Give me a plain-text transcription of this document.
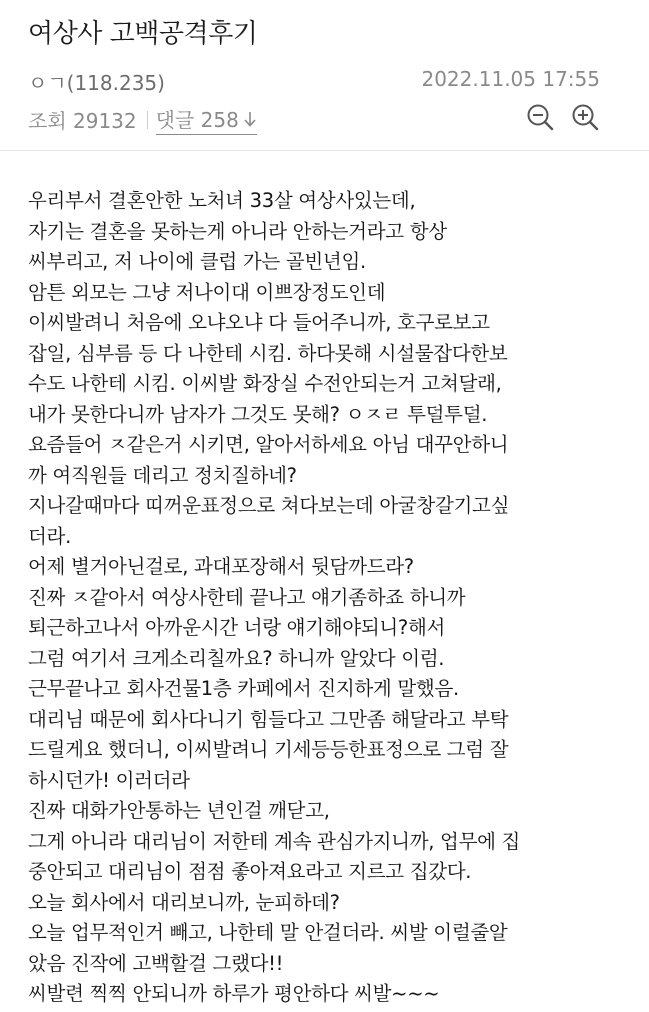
여상사 고백공격후기
ㅇㄱ(118.235)	2022.11.05 17:55
조회 29132 댓글 258
우리부서 결혼안한 노처녀 33살 여상사있는데,
자기는 결혼을 못하는게 아니라 안하는거라고 항상
씨부리고, 저 나이에 클럽 가는 골빈년임.
암튼 외모는 그냥 저나이대 이쁘장정도인데
이씨발려니 처음에 오냐오냐 다 들어주니까, 호구로보고
잡일, 심부름 등 다 나한테 시킴. 하다못해 시설물잡다한보
수도 나한테 시킴. 이씨발 화장실 수전안되는거 고쳐달래,
내가 못한다니까 남자가 그것도 못해? ㅇㅈㄹ 투덜투덜.
요즘들어 ㅈ같은거 시키면, 알아서하세요 아님 대꾸안하니
까 여직원들 데리고 정치질하네?
지나갈때마다 띠꺼운표정으로 쳐다보는데 아굴창갈기고싶
더라.
어제 별거아닌걸로, 과대포장해서 뒷담까드라?
진짜 ㅈ같아서 여상사한테 끝나고 얘기좀하죠 하니까
퇴근하고나서 아까운시간 너랑 얘기해야되니?해서
그럼 여기서 크게소리칠까요? 하니까 알았다 이럼.
근무끝나고 회사건물1층 카페에서 진지하게 말했음.
대리님 때문에 회사다니기 힘들다고 그만좀 해달라고 부탁
드릴게요 했더니, 이씨발려니 기세등등한표정으로 그럼 잘
하시던가! 이러더라
진짜 대화가안통하는 년인걸 깨닫고,
그게 아니라 대리님이 저한테 계속 관심가지니까, 업무에 집
중안되고 대리님이 점점 좋아져요라고 지르고 집갔다.
오늘 회사에서 대리보니까, 눈피하데?
오늘 업무적인거 빼고, 나한테 말 안걸더라. 씨발 이럴줄알
았음 진작에 고백할걸 그랬다!!
씨발련 찍찍 안되니까 하루가 평안하다 씨발~~~
